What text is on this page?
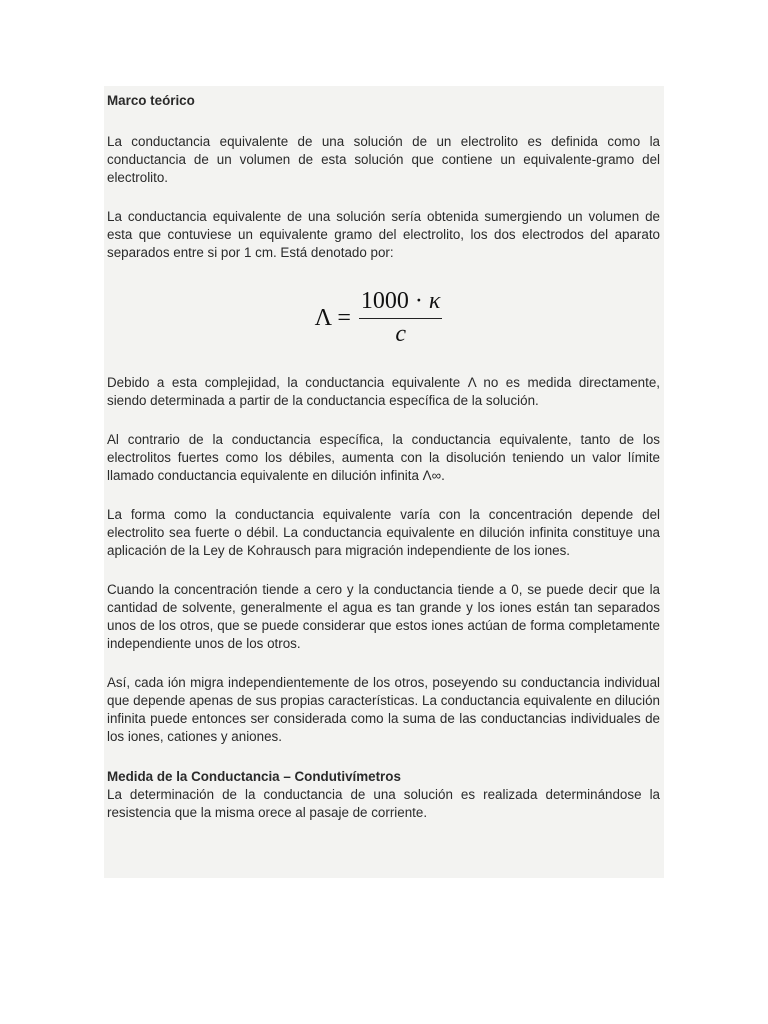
Marco teórico

La conductancia equivalente de una solución de un electrolito es definida como la conductancia de un volumen de esta solución que contiene un equivalente-gramo del electrolito.

La conductancia equivalente de una solución sería obtenida sumergiendo un volumen de esta que contuviese un equivalente gramo del electrolito, los dos electrodos del aparato separados entre si por 1 cm. Está denotado por:

$\Lambda = \frac{1000 \cdot \kappa}{c}$

Debido a esta complejidad, la conductancia equivalente Λ no es medida directamente, siendo determinada a partir de la conductancia específica de la solución.

Al contrario de la conductancia específica, la conductancia equivalente, tanto de los electrolitos fuertes como los débiles, aumenta con la disolución teniendo un valor límite llamado conductancia equivalente en dilución infinita Λ∞.

La forma como la conductancia equivalente varía con la concentración depende del electrolito sea fuerte o débil. La conductancia equivalente en dilución infinita constituye una aplicación de la Ley de Kohrausch para migración independiente de los iones.

Cuando la concentración tiende a cero y la conductancia tiende a 0, se puede decir que la cantidad de solvente, generalmente el agua es tan grande y los iones están tan separados unos de los otros, que se puede considerar que estos iones actúan de forma completamente independiente unos de los otros.

Así, cada ión migra independientemente de los otros, poseyendo su conductancia individual que depende apenas de sus propias características. La conductancia equivalente en dilución infinita puede entonces ser considerada como la suma de las conductancias individuales de los iones, cationes y aniones.

Medida de la Conductancia – Condutivímetros

La determinación de la conductancia de una solución es realizada determinándose la resistencia que la misma orece al pasaje de corriente.
